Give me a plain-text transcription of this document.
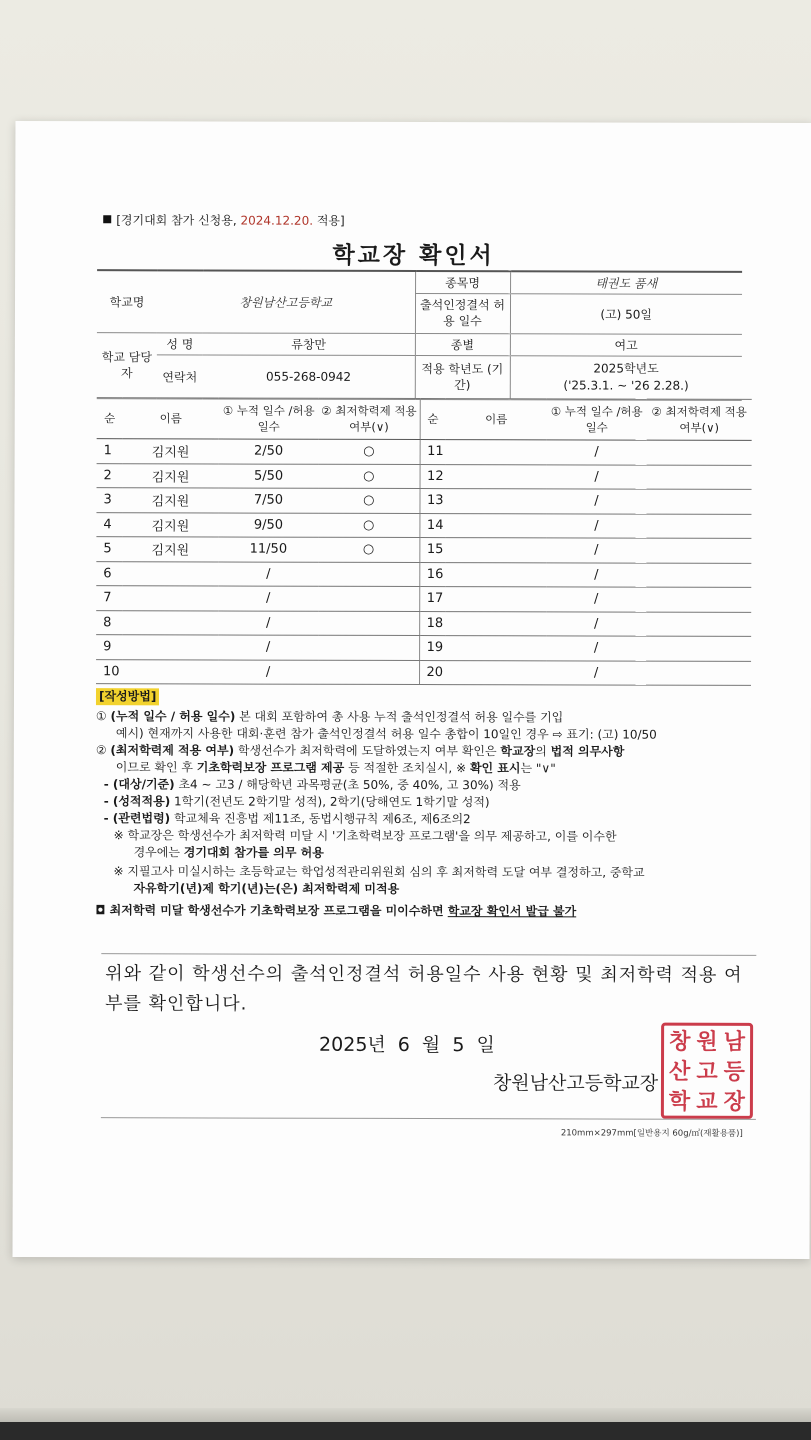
[경기대회 참가 신청용, 2024.12.20. 적용]
학교장 확인서
학교명	창원남산고등학교		종목명	태권도 품새
			출석인정결석 허용 일수	(고) 50일
학교 담당자	성 명	류창만	종별	여고
	연락처	055-268-0942	적용 학년도 (기간)	2025학년도
('25.3.1. ~ '26 2.28.)
순	이름	① 누적 일수 /허용 일수	② 최저학력제 적용 여부(∨)	순	이름	① 누적 일수 /허용 일수	② 최저학력제 적용 여부(∨)
1	김지원	2/50	○	11		/	
2	김지원	5/50	○	12		/	
3	김지원	7/50	○	13		/	
4	김지원	9/50	○	14		/	
5	김지원	11/50	○	15		/	
6		/		16		/	
7		/		17		/	
8		/		18		/	
9		/		19		/	
10		/		20		/	

[작성방법]

① (누적 일수 / 허용 일수) 본 대회 포함하여 총 사용 누적 출석인정결석 허용 일수를 기입

예시) 현재까지 사용한 대회·훈련 참가 출석인정결석 허용 일수 총합이 10일인 경우 ⇨ 표기: (고) 10/50

② (최저학력제 적용 여부) 학생선수가 최저학력에 도달하였는지 여부 확인은 학교장의 법적 의무사항

이므로 확인 후 기초학력보장 프로그램 제공 등 적절한 조치실시, ※ 확인 표시는 "∨"

- (대상/기준) 초4 ~ 고3 / 해당학년 과목평균(초 50%, 중 40%, 고 30%) 적용

- (성적적용) 1학기(전년도 2학기말 성적), 2학기(당해연도 1학기말 성적)

- (관련법령) 학교체육 진흥법 제11조, 동법시행규칙 제6조, 제6조의2

※ 학교장은 학생선수가 최저학력 미달 시 '기초학력보장 프로그램'을 의무 제공하고, 이를 이수한

경우에는 경기대회 참가를 의무 허용

※ 지필고사 미실시하는 초등학교는 학업성적관리위원회 심의 후 최저학력 도달 여부 결정하고, 중학교

자유학기(년)제 학기(년)는(은) 최저학력제 미적용

◘ 최저학력 미달 학생선수가 기초학력보장 프로그램을 미이수하면 학교장 확인서 발급 불가

위와 같이 학생선수의 출석인정결석 허용일수 사용 현황 및 최저학력 적용 여부를 확인합니다.
2025년 6 월 5 일
창원남산고등학교장
창 원 남
산 고 등
학 교 장
210mm×297mm[일반용지 60g/㎡(재활용품)]
